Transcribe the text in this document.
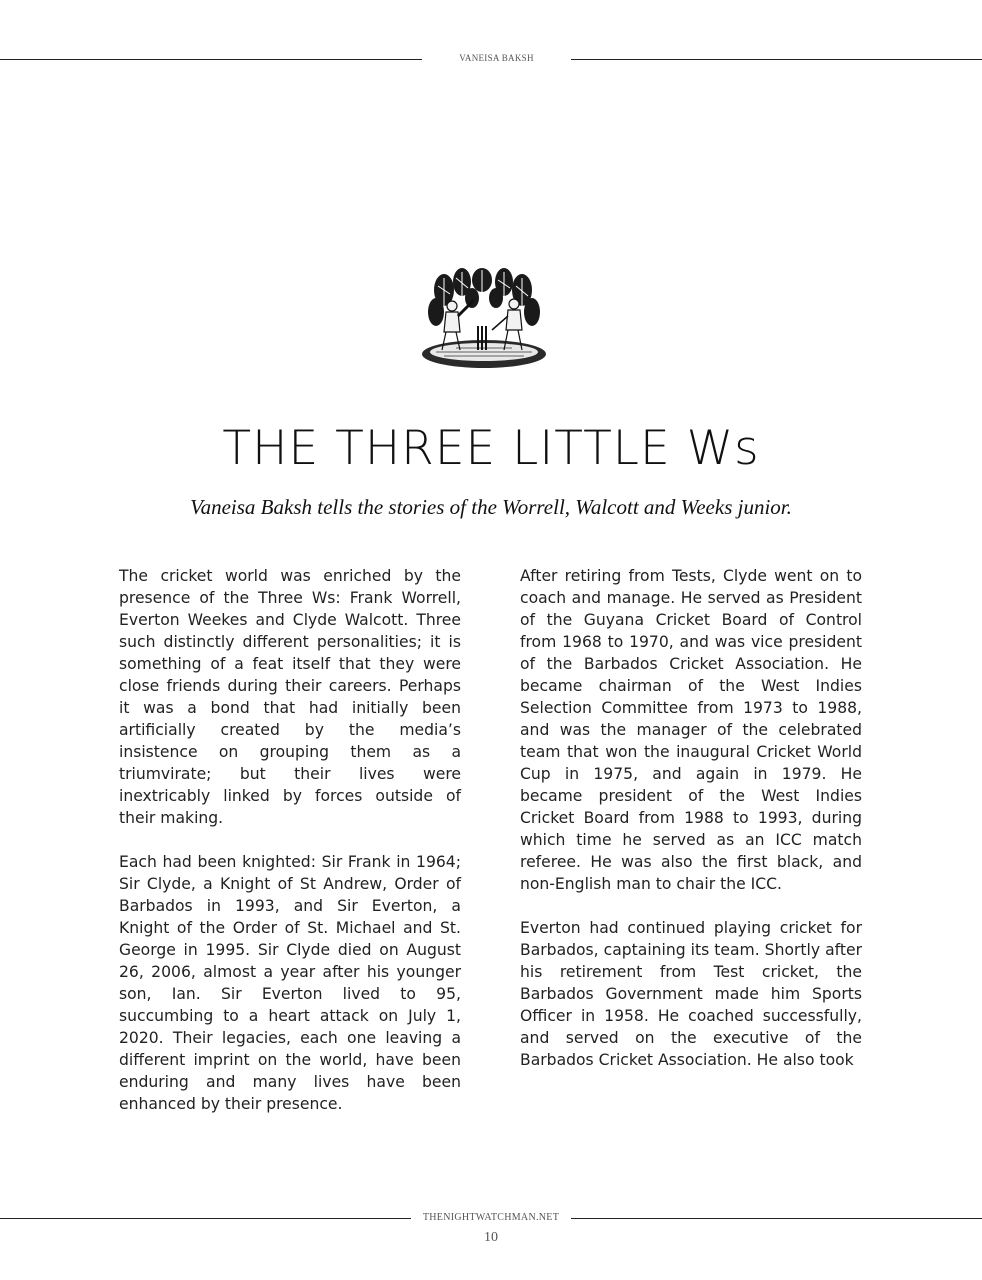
VANEISA BAKSH
THE THREE LITTLE Ws

Vaneisa Baksh tells the stories of the Worrell, Walcott and Weeks junior.

The cricket world was enriched by the presence of the Three Ws: Frank Worrell, Everton Weekes and Clyde Walcott. Three such distinctly different personalities; it is something of a feat itself that they were close friends during their careers. Perhaps it was a bond that had initially been artificially created by the media’s insistence on grouping them as a triumvirate; but their lives were inextricably linked by forces outside of their making.

Each had been knighted: Sir Frank in 1964; Sir Clyde, a Knight of St Andrew, Order of Barbados in 1993, and Sir Everton, a Knight of the Order of St. Michael and St. George in 1995. Sir Clyde died on August 26, 2006, almost a year after his younger son, Ian. Sir Everton lived to 95, succumbing to a heart attack on July 1, 2020. Their legacies, each one leaving a different imprint on the world, have been enduring and many lives have been enhanced by their presence.

After retiring from Tests, Clyde went on to coach and manage. He served as President of the Guyana Cricket Board of Control from 1968 to 1970, and was vice president of the Barbados Cricket Association. He became chairman of the West Indies Selection Committee from 1973 to 1988, and was the manager of the celebrated team that won the inaugural Cricket World Cup in 1975, and again in 1979. He became president of the West Indies Cricket Board from 1988 to 1993, during which time he served as an ICC match referee. He was also the first black, and non-English man to chair the ICC.

Everton had continued playing cricket for Barbados, captaining its team. Shortly after his retirement from Test cricket, the Barbados Government made him Sports Officer in 1958. He coached successfully, and served on the executive of the Barbados Cricket Association. He also took

THENIGHTWATCHMAN.NET
10
